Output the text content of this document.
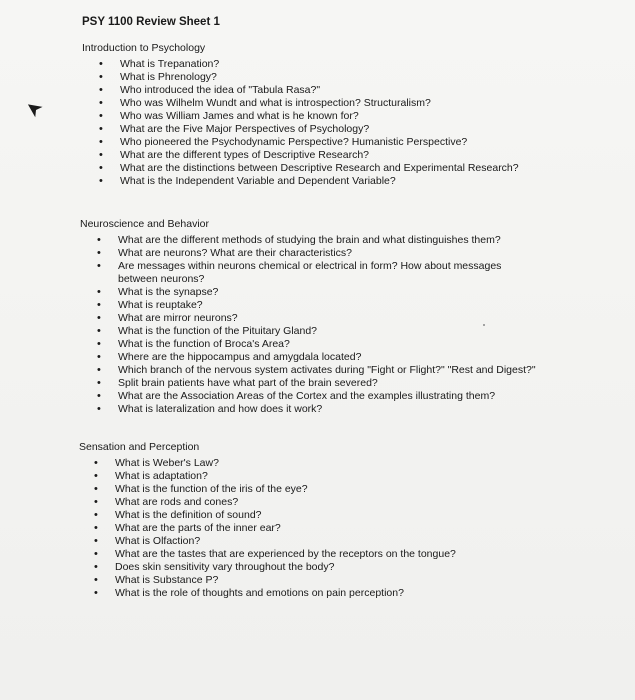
PSY 1100 Review Sheet 1
Introduction to Psychology
• What is Trepanation?
• What is Phrenology?
• Who introduced the idea of "Tabula Rasa?"
• Who was Wilhelm Wundt and what is introspection? Structuralism?
• Who was William James and what is he known for?
• What are the Five Major Perspectives of Psychology?
• Who pioneered the Psychodynamic Perspective? Humanistic Perspective?
• What are the different types of Descriptive Research?
• What are the distinctions between Descriptive Research and Experimental Research?
• What is the Independent Variable and Dependent Variable?
Neuroscience and Behavior
• What are the different methods of studying the brain and what distinguishes them?
• What are neurons? What are their characteristics?
• Are messages within neurons chemical or electrical in form? How about messages between neurons?
• What is the synapse?
• What is reuptake?
• What are mirror neurons?
• What is the function of the Pituitary Gland?
• What is the function of Broca's Area?
• Where are the hippocampus and amygdala located?
• Which branch of the nervous system activates during "Fight or Flight?" "Rest and Digest?"
• Split brain patients have what part of the brain severed?
• What are the Association Areas of the Cortex and the examples illustrating them?
• What is lateralization and how does it work?
Sensation and Perception
• What is Weber's Law?
• What is adaptation?
• What is the function of the iris of the eye?
• What are rods and cones?
• What is the definition of sound?
• What are the parts of the inner ear?
• What is Olfaction?
• What are the tastes that are experienced by the receptors on the tongue?
• Does skin sensitivity vary throughout the body?
• What is Substance P?
• What is the role of thoughts and emotions on pain perception?
